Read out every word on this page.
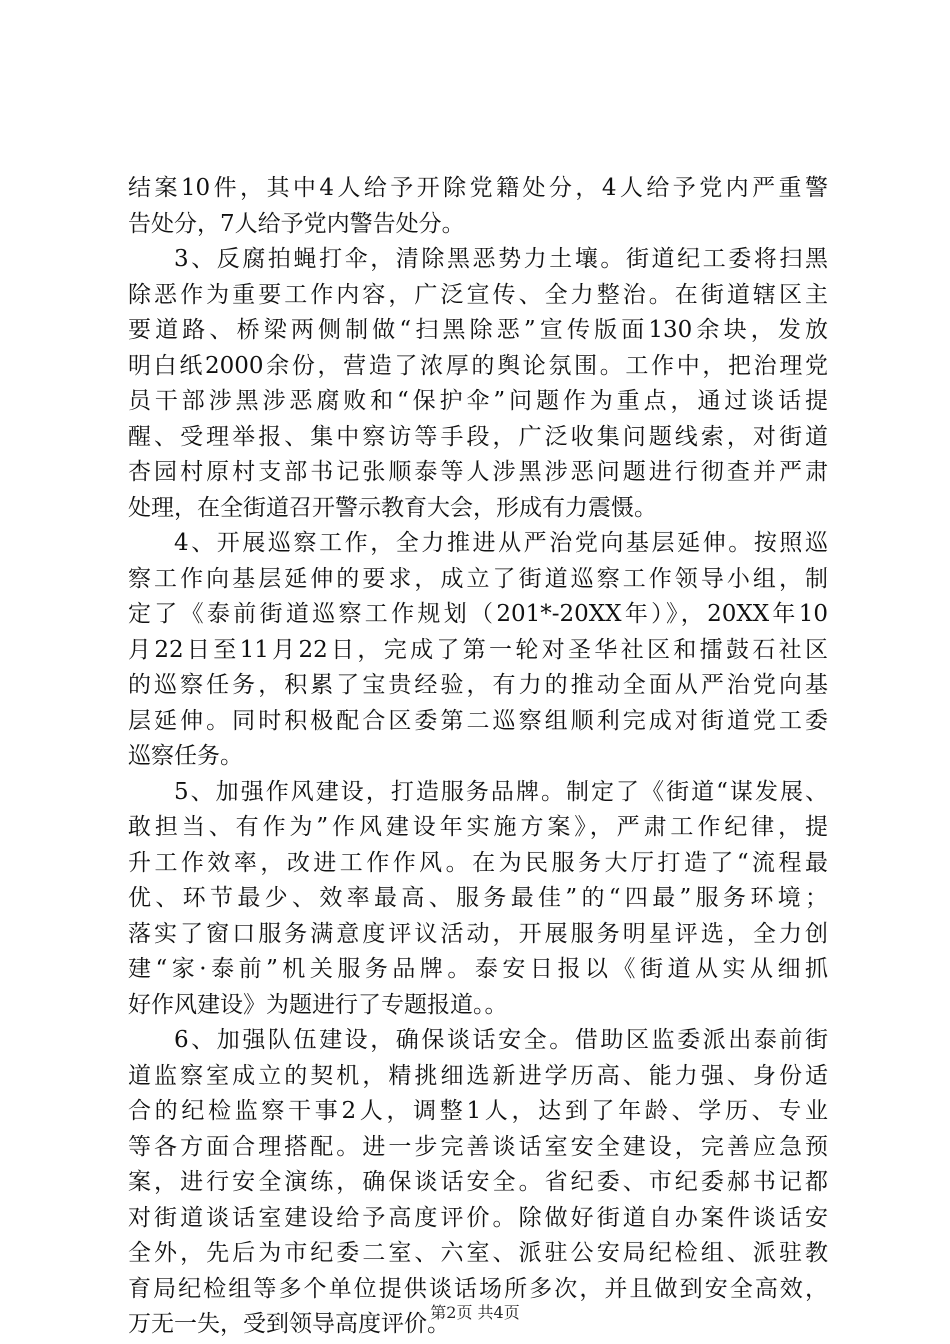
结案10件，其中4人给予开除党籍处分，4人给予党内严重警
告处分，7人给予党内警告处分。
3、反腐拍蝇打伞，清除黑恶势力土壤。街道纪工委将扫黑
除恶作为重要工作内容，广泛宣传、全力整治。在街道辖区主
要道路、桥梁两侧制做“扫黑除恶”宣传版面130余块，发放
明白纸2000余份，营造了浓厚的舆论氛围。工作中，把治理党
员干部涉黑涉恶腐败和“保护伞”问题作为重点，通过谈话提
醒、受理举报、集中察访等手段，广泛收集问题线索，对街道
杏园村原村支部书记张顺泰等人涉黑涉恶问题进行彻查并严肃
处理，在全街道召开警示教育大会，形成有力震慑。
4、开展巡察工作，全力推进从严治党向基层延伸。按照巡
察工作向基层延伸的要求，成立了街道巡察工作领导小组，制
定了《泰前街道巡察工作规划（201*-20XX年）》，20XX年10
月22日至11月22日，完成了第一轮对圣华社区和擂鼓石社区
的巡察任务，积累了宝贵经验，有力的推动全面从严治党向基
层延伸。同时积极配合区委第二巡察组顺利完成对街道党工委
巡察任务。
5、加强作风建设，打造服务品牌。制定了《街道“谋发展、
敢担当、有作为”作风建设年实施方案》，严肃工作纪律，提
升工作效率，改进工作作风。在为民服务大厅打造了“流程最
优、环节最少、效率最高、服务最佳”的“四最”服务环境；
落实了窗口服务满意度评议活动，开展服务明星评选，全力创
建“家·泰前”机关服务品牌。泰安日报以《街道从实从细抓
好作风建设》为题进行了专题报道。。
6、加强队伍建设，确保谈话安全。借助区监委派出泰前街
道监察室成立的契机，精挑细选新进学历高、能力强、身份适
合的纪检监察干事2人，调整1人，达到了年龄、学历、专业
等各方面合理搭配。进一步完善谈话室安全建设，完善应急预
案，进行安全演练，确保谈话安全。省纪委、市纪委郝书记都
对街道谈话室建设给予高度评价。除做好街道自办案件谈话安
全外，先后为市纪委二室、六室、派驻公安局纪检组、派驻教
育局纪检组等多个单位提供谈话场所多次，并且做到安全高效，
万无一失，受到领导高度评价。
第2页 共4页
